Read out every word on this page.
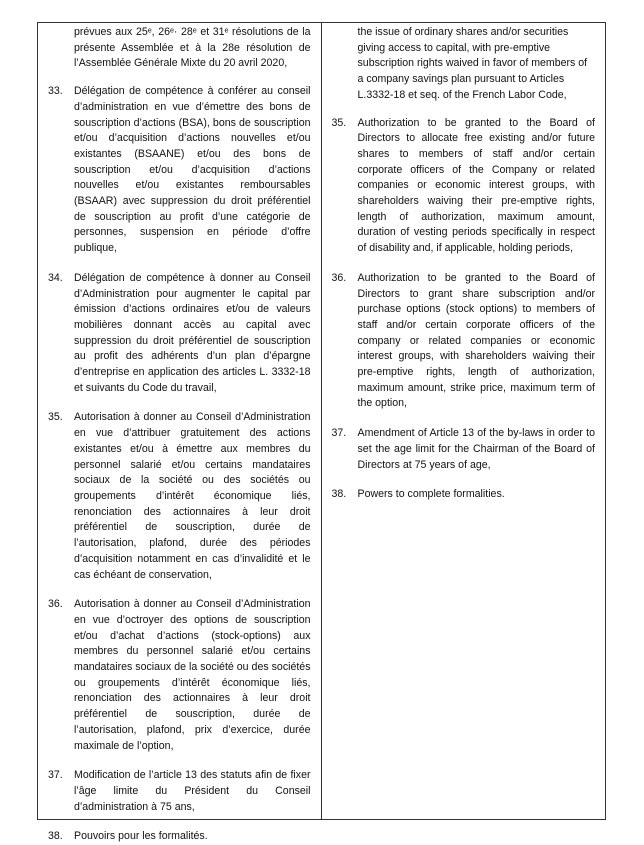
prévues aux 25ᵉ, 26ᵉ· 28ᵉ et 31ᵉ résolutions de la présente Assemblée et à la 28e résolution de l’Assemblée Générale Mixte du 20 avril 2020,
33.	Délégation de compétence à conférer au conseil d’administration en vue d’émettre des bons de souscription d’actions (BSA), bons de souscription et/ou d’acquisition d’actions nouvelles et/ou existantes (BSAANE) et/ou des bons de souscription et/ou d’acquisition d’actions nouvelles et/ou existantes remboursables (BSAAR) avec suppression du droit préférentiel de souscription au profit d’une catégorie de personnes, suspension en période d’offre publique,
34.	Délégation de compétence à donner au Conseil d’Administration pour augmenter le capital par émission d’actions ordinaires et/ou de valeurs mobilières donnant accès au capital avec suppression du droit préférentiel de souscription au profit des adhérents d’un plan d’épargne d’entreprise en application des articles L. 3332-18 et suivants du Code du travail,
35.	Autorisation à donner au Conseil d’Administration en vue d’attribuer gratuitement des actions existantes et/ou à émettre aux membres du personnel salarié et/ou certains mandataires sociaux de la société ou des sociétés ou groupements d’intérêt économique liés, renonciation des actionnaires à leur droit préférentiel de souscription, durée de l’autorisation, plafond, durée des périodes d’acquisition notamment en cas d’invalidité et le cas échéant de conservation,
36.	Autorisation à donner au Conseil d’Administration en vue d’octroyer des options de souscription et/ou d’achat d’actions (stock-options) aux membres du personnel salarié et/ou certains mandataires sociaux de la société ou des sociétés ou groupements d’intérêt économique liés, renonciation des actionnaires à leur droit préférentiel de souscription, durée de l’autorisation, plafond, prix d’exercice, durée maximale de l’option,
37.	Modification de l’article 13 des statuts afin de fixer l’âge limite du Président du Conseil d’administration à 75 ans,
38.	Pouvoirs pour les formalités.
the issue of ordinary shares and/or securities giving access to capital, with pre-emptive subscription rights waived in favor of members of a company savings plan pursuant to Articles L.3332-18 et seq. of the French Labor Code,
35.	Authorization to be granted to the Board of Directors to allocate free existing and/or future shares to members of staff and/or certain corporate officers of the Company or related companies or economic interest groups, with shareholders waiving their pre-emptive rights, length of authorization, maximum amount, duration of vesting periods specifically in respect of disability and, if applicable, holding periods,
36.	Authorization to be granted to the Board of Directors to grant share subscription and/or purchase options (stock options) to members of staff and/or certain corporate officers of the company or related companies or economic interest groups, with shareholders waiving their pre-emptive rights, length of authorization, maximum amount, strike price, maximum term of the option,
37.	Amendment of Article 13 of the by-laws in order to set the age limit for the Chairman of the Board of Directors at 75 years of age,
38.	Powers to complete formalities.
